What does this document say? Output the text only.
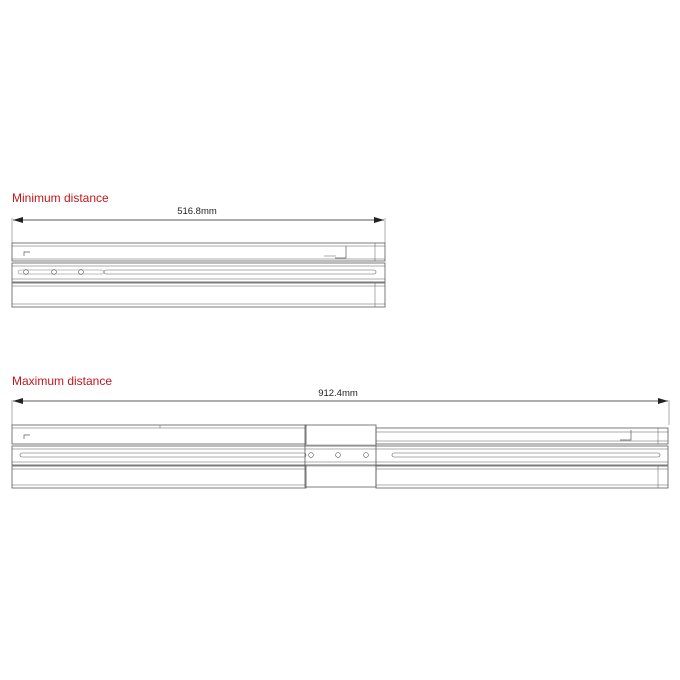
Minimum distance
Maximum distance
516.8mm
912.4mm
